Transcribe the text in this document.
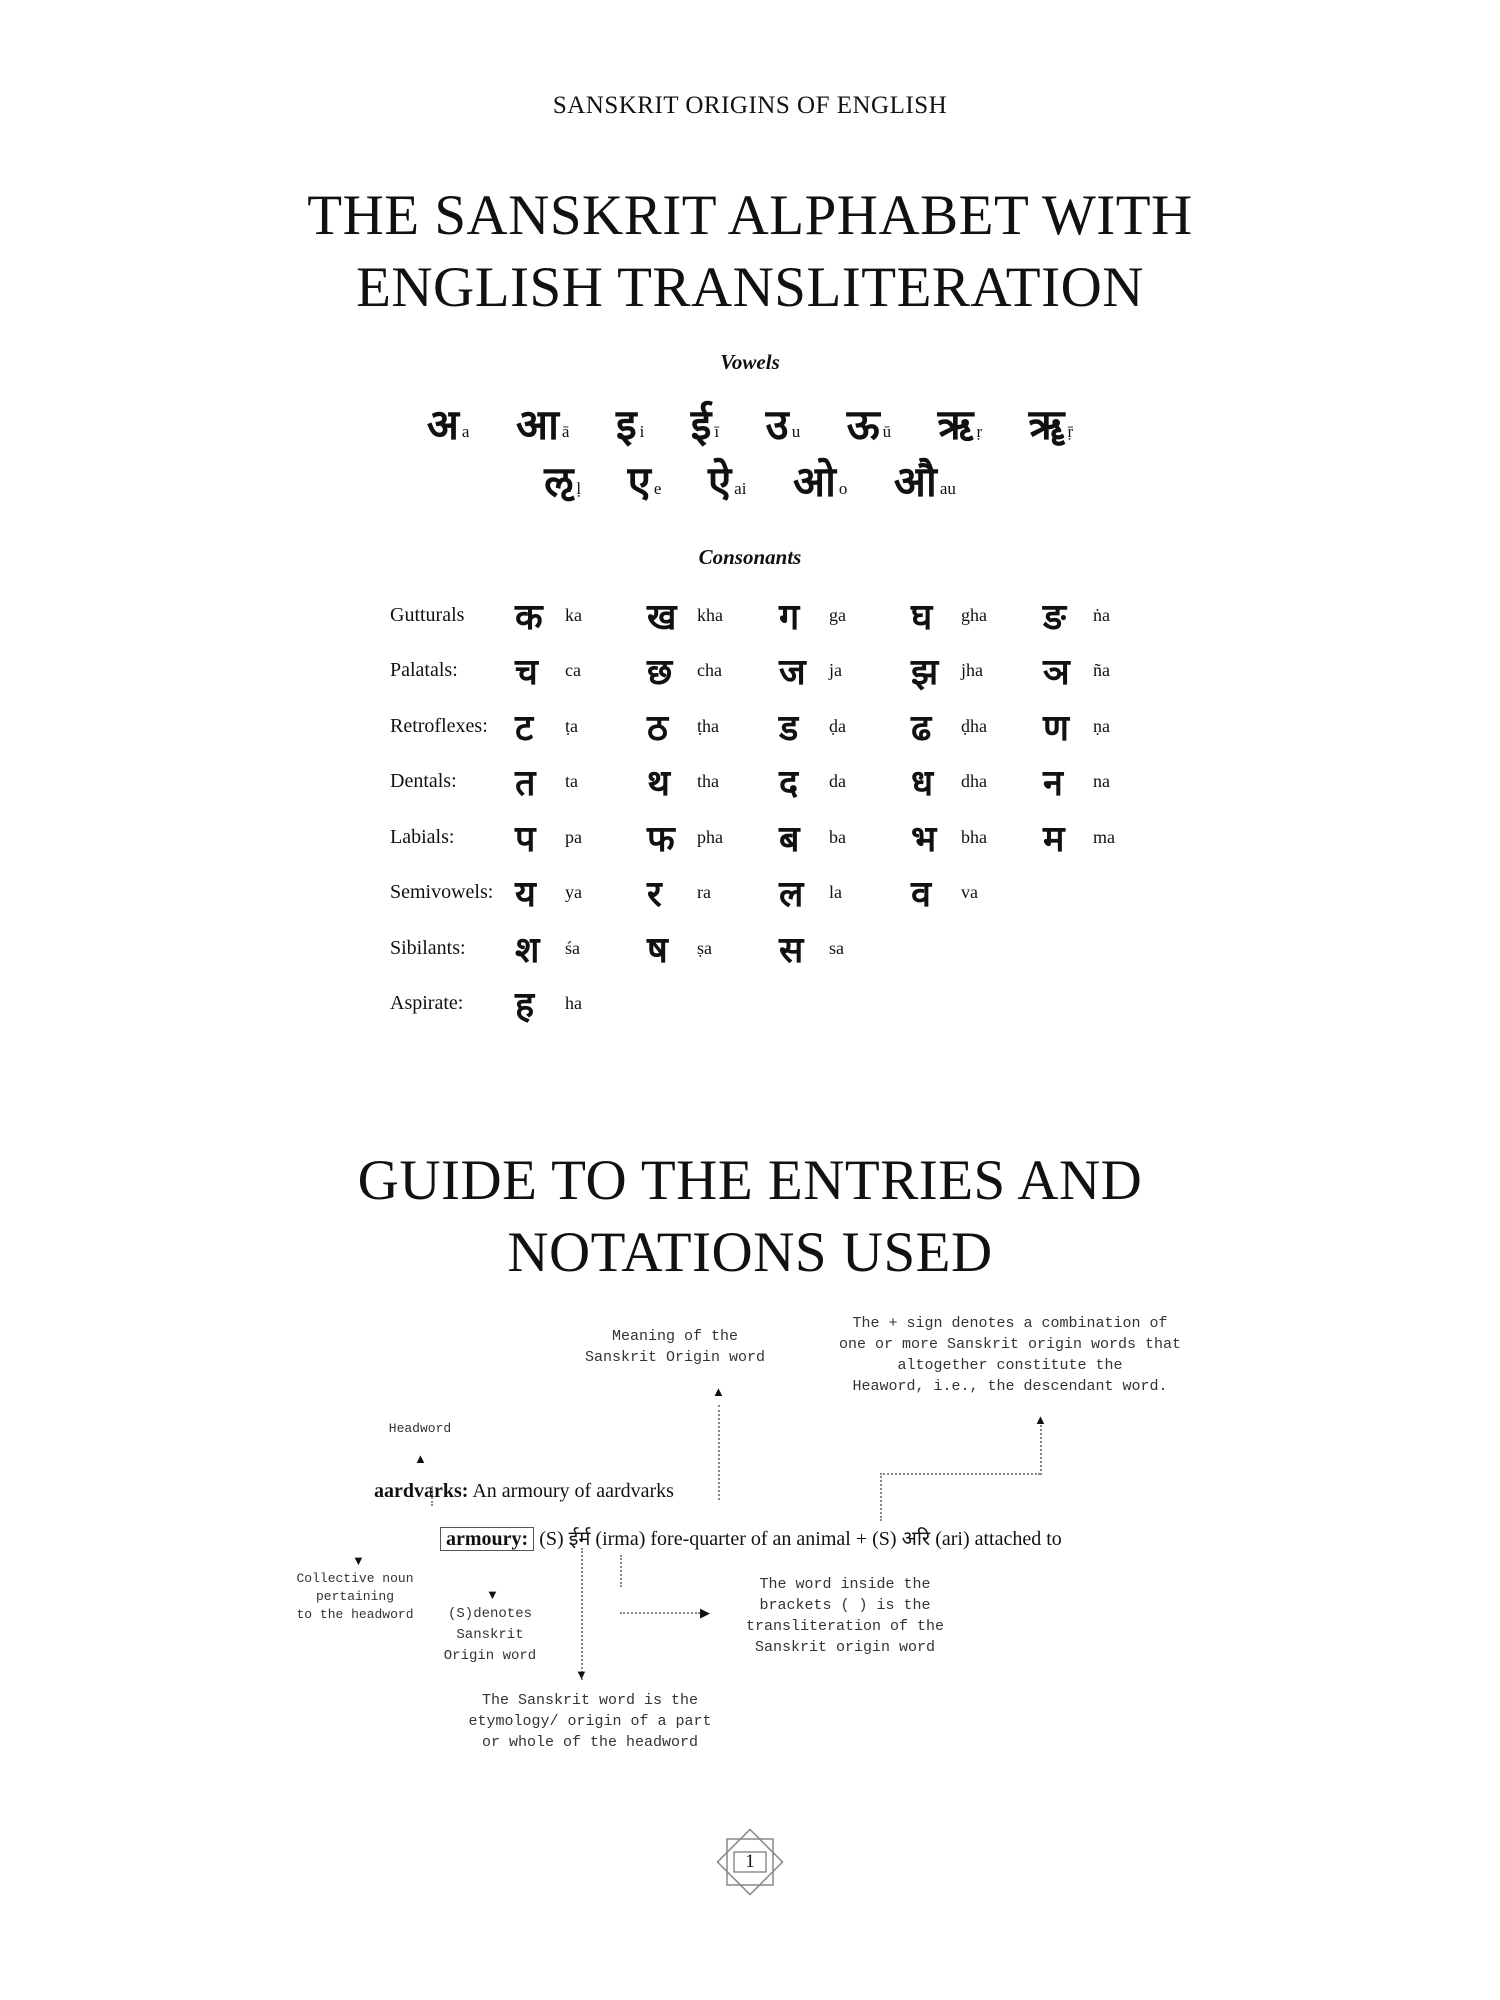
SANSKRIT ORIGINS OF ENGLISH
THE SANSKRIT ALPHABET WITH
ENGLISH TRANSLITERATION
Vowels
अ $_a$ आ $_ā$ इ $_i$ ई $_ī$ उ $_u$ ऊ $_ū$ ऋ $_ṛ$ ॠ $_ṝ$
ऌ $_ḷ$ ए $_e$ ऐ $_{ai}$ ओ $_o$ औ $_{au}$
Consonants
Gutturals	क	ka ख	kha ग	ga घ	gha ङ	ṅa
Palatals:	च	ca छ	cha ज	ja झ	jha ञ	ña
Retroflexes: ट	ṭa ठ	ṭha ड	ḍa ढ	ḍha ण	ṇa
Dentals:	त	ta थ	tha द	da ध	dha न	na
Labials:	प	pa फ	pha ब	ba भ	bha म	ma
Semivowels: य	ya र	ra ल	la व	va
Sibilants:	श	śa ष	ṣa स	sa
Aspirate:	ह	ha
GUIDE TO THE ENTRIES AND
NOTATIONS USED
Meaning of the
Sanskrit Origin word
The + sign denotes a combination of
one or more Sanskrit origin words that
altogether constitute the
Heaword, i.e., the descendant word.
Headword
Collective noun
pertaining
to the headword	(S)denotes
Sanskrit
Origin word
The word inside the
brackets ( ) is the
transliteration of the
Sanskrit origin word
The Sanskrit word is the
etymology/ origin of a part
or whole of the headword
aardvarks: An armoury of aardvarks
armoury: (S) ईर्म (irma) fore-quarter of an animal + (S) अरि (ari) attached to
▲
▲
▲
▼
▼
▶
▼
1
